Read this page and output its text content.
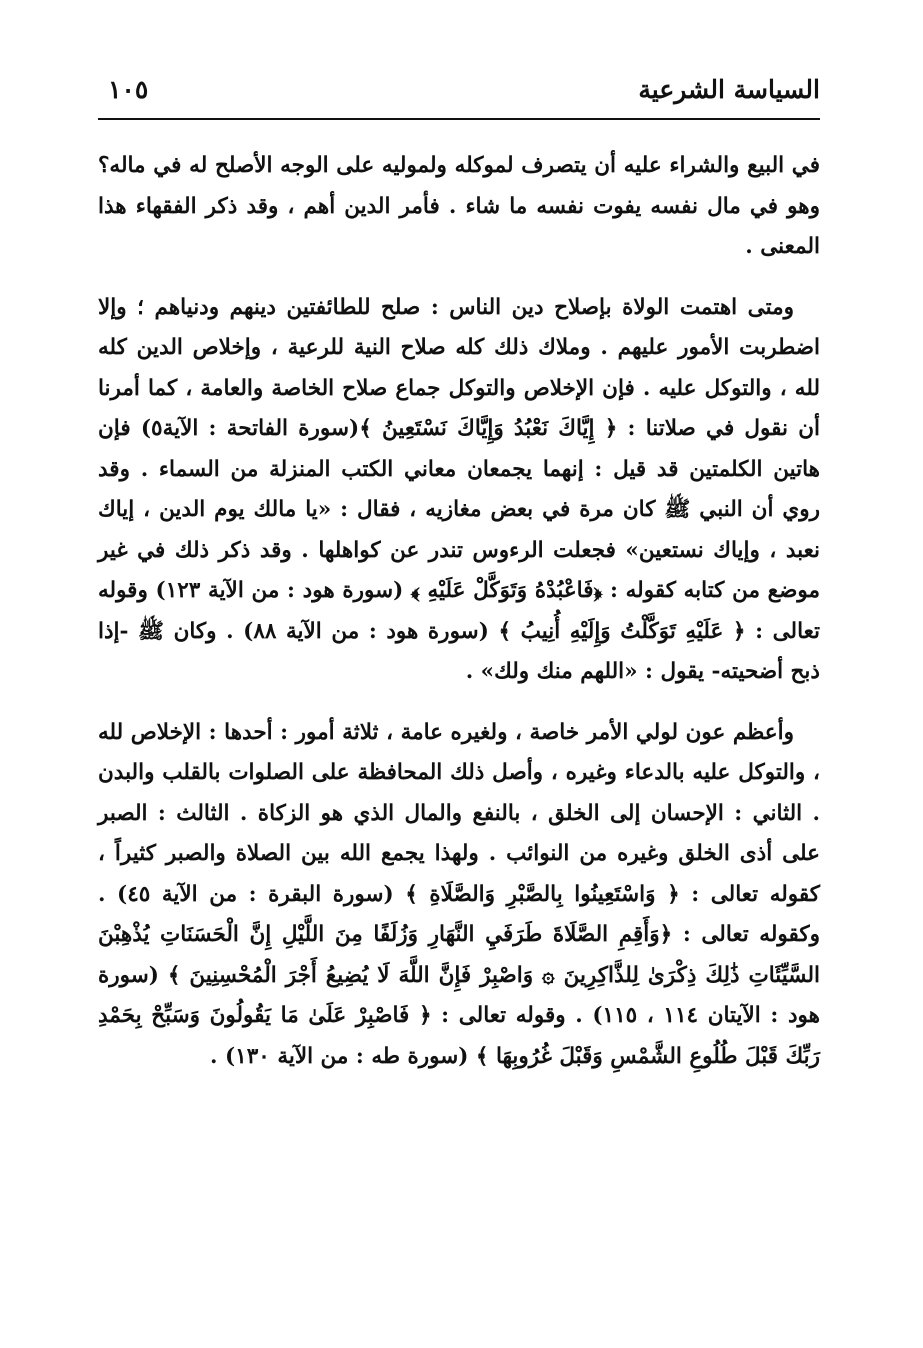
السياسة الشرعية
١٠٥

في البيع والشراء عليه أن يتصرف لموكله ولموليه على الوجه الأصلح له في ماله؟ وهو في مال نفسه يفوت نفسه ما شاء . فأمر الدين أهم ، وقد ذكر الفقهاء هذا المعنى .

ومتى اهتمت الولاة بإصلاح دين الناس : صلح للطائفتين دينهم ودنياهم ؛ وإلا اضطربت الأمور عليهم . وملاك ذلك كله صلاح النية للرعية ، وإخلاص الدين كله لله ، والتوكل عليه . فإن الإخلاص والتوكل جماع صلاح الخاصة والعامة ، كما أمرنا أن نقول في صلاتنا : ﴿ إِيَّاكَ نَعْبُدُ وَإِيَّاكَ نَسْتَعِينُ ﴾(سورة الفاتحة : الآية٥) فإن هاتين الكلمتين قد قيل : إنهما يجمعان معاني الكتب المنزلة من السماء . وقد روي أن النبي ﷺ كان مرة في بعض مغازيه ، فقال : «يا مالك يوم الدين ، إياك نعبد ، وإياك نستعين» فجعلت الرءوس تندر عن كواهلها . وقد ذكر ذلك في غير موضع من كتابه كقوله : ﴿فَاعْبُدْهُ وَتَوَكَّلْ عَلَيْهِ ﴾ (سورة هود : من الآية ١٢٣) وقوله تعالى : ﴿ عَلَيْهِ تَوَكَّلْتُ وَإِلَيْهِ أُنِيبُ ﴾ (سورة هود : من الآية ٨٨) . وكان ﷺ -إذا ذبح أضحيته- يقول : «اللهم منك ولك» .

وأعظم عون لولي الأمر خاصة ، ولغيره عامة ، ثلاثة أمور : أحدها : الإخلاص لله ، والتوكل عليه بالدعاء وغيره ، وأصل ذلك المحافظة على الصلوات بالقلب والبدن . الثاني : الإحسان إلى الخلق ، بالنفع والمال الذي هو الزكاة . الثالث : الصبر على أذى الخلق وغيره من النوائب . ولهذا يجمع الله بين الصلاة والصبر كثيراً ، كقوله تعالى : ﴿ وَاسْتَعِينُوا بِالصَّبْرِ وَالصَّلَاةِ ﴾ (سورة البقرة : من الآية ٤٥) . وكقوله تعالى : ﴿وَأَقِمِ الصَّلَاةَ طَرَفَيِ النَّهَارِ وَزُلَفًا مِنَ اللَّيْلِ إِنَّ الْحَسَنَاتِ يُذْهِبْنَ السَّيِّئَاتِ ذَٰلِكَ ذِكْرَىٰ لِلذَّاكِرِينَ ۞ وَاصْبِرْ فَإِنَّ اللَّهَ لَا يُضِيعُ أَجْرَ الْمُحْسِنِينَ ﴾ (سورة هود : الآيتان ١١٤ ، ١١٥) . وقوله تعالى : ﴿ فَاصْبِرْ عَلَىٰ مَا يَقُولُونَ وَسَبِّحْ بِحَمْدِ رَبِّكَ قَبْلَ طُلُوعِ الشَّمْسِ وَقَبْلَ غُرُوبِهَا ﴾ (سورة طه : من الآية ١٣٠) .
